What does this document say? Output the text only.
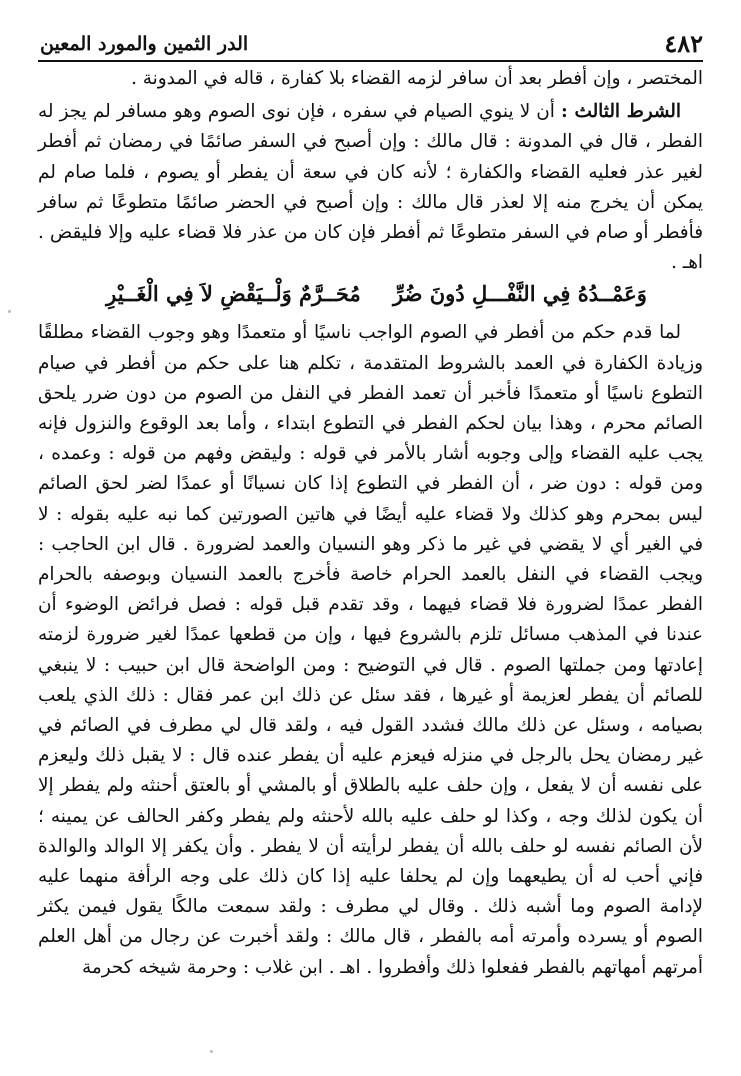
٤٨٢
الدر الثمين والمورد المعين

المختصر ، وإن أفطر بعد أن سافر لزمه القضاء بلا كفارة ، قاله في المدونة .

الشرط الثالث : أن لا ينوي الصيام في سفره ، فإن نوى الصوم وهو مسافر لم يجز له الفطر ، قال في المدونة : قال مالك : وإن أصبح في السفر صائمًا في رمضان ثم أفطر لغير عذر فعليه القضاء والكفارة ؛ لأنه كان في سعة أن يفطر أو يصوم ، فلما صام لم يمكن أن يخرج منه إلا لعذر قال مالك : وإن أصبح في الحضر صائمًا متطوعًا ثم سافر فأفطر أو صام في السفر متطوعًا ثم أفطر فإن كان من عذر فلا قضاء عليه وإلا فليقض . اهـ .

وَعَمْــدُهُ فِي النَّفْـــلِ دُونَ ضُرِّ
مُحَــرَّمٌ وَلْــيَقْضِ لاَ فِي الْغَــيْرِ

لما قدم حكم من أفطر في الصوم الواجب ناسيًا أو متعمدًا وهو وجوب القضاء مطلقًا وزيادة الكفارة في العمد بالشروط المتقدمة ، تكلم هنا على حكم من أفطر في صيام التطوع ناسيًا أو متعمدًا فأخبر أن تعمد الفطر في النفل من الصوم من دون ضرر يلحق الصائم محرم ، وهذا بيان لحكم الفطر في التطوع ابتداء ، وأما بعد الوقوع والنزول فإنه يجب عليه القضاء وإلى وجوبه أشار بالأمر في قوله : وليقض وفهم من قوله : وعمده ، ومن قوله : دون ضر ، أن الفطر في التطوع إذا كان نسيانًا أو عمدًا لضر لحق الصائم ليس بمحرم وهو كذلك ولا قضاء عليه أيضًا في هاتين الصورتين كما نبه عليه بقوله : لا في الغير أي لا يقضي في غير ما ذكر وهو النسيان والعمد لضرورة . قال ابن الحاجب : ويجب القضاء في النفل بالعمد الحرام خاصة فأخرج بالعمد النسيان وبوصفه بالحرام الفطر عمدًا لضرورة فلا قضاء فيهما ، وقد تقدم قبل قوله : فصل فرائض الوضوء أن عندنا في المذهب مسائل تلزم بالشروع فيها ، وإن من قطعها عمدًا لغير ضرورة لزمته إعادتها ومن جملتها الصوم . قال في التوضيح : ومن الواضحة قال ابن حبيب : لا ينبغي للصائم أن يفطر لعزيمة أو غيرها ، فقد سئل عن ذلك ابن عمر فقال : ذلك الذي يلعب بصيامه ، وسئل عن ذلك مالك فشدد القول فيه ، ولقد قال لي مطرف في الصائم في غير رمضان يحل بالرجل في منزله فيعزم عليه أن يفطر عنده قال : لا يقبل ذلك وليعزم على نفسه أن لا يفعل ، وإن حلف عليه بالطلاق أو بالمشي أو بالعتق أحنثه ولم يفطر إلا أن يكون لذلك وجه ، وكذا لو حلف عليه بالله لأحنثه ولم يفطر وكفر الحالف عن يمينه ؛ لأن الصائم نفسه لو حلف بالله أن يفطر لرأيته أن لا يفطر . وأن يكفر إلا الوالد والوالدة فإني أحب له أن يطيعهما وإن لم يحلفا عليه إذا كان ذلك على وجه الرأفة منهما عليه لإدامة الصوم وما أشبه ذلك . وقال لي مطرف : ولقد سمعت مالكًا يقول فيمن يكثر الصوم أو يسرده وأمرته أمه بالفطر ، قال مالك : ولقد أخبرت عن رجال من أهل العلم أمرتهم أمهاتهم بالفطر ففعلوا ذلك وأفطروا . اهـ . ابن غلاب : وحرمة شيخه كحرمة
